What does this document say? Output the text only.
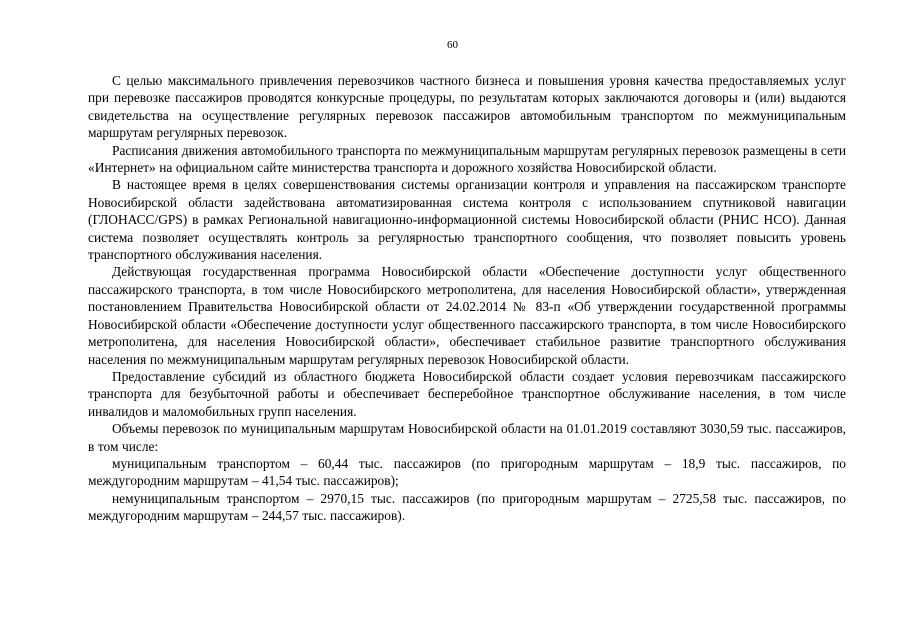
60

С целью максимального привлечения перевозчиков частного бизнеса и повышения уровня качества предоставляемых услуг при перевозке пассажиров проводятся конкурсные процедуры, по результатам которых заключаются договоры и (или) выдаются свидетельства на осуществление регулярных перевозок пассажиров автомобильным транспортом по межмуниципальным маршрутам регулярных перевозок.

Расписания движения автомобильного транспорта по межмуниципальным маршрутам регулярных перевозок размещены в сети «Интернет» на официальном сайте министерства транспорта и дорожного хозяйства Новосибирской области.

В настоящее время в целях совершенствования системы организации контроля и управления на пассажирском транспорте Новосибирской области задействована автоматизированная система контроля с использованием спутниковой навигации (ГЛОНАСС/GPS) в рамках Региональной навигационно-информационной системы Новосибирской области (РНИС НСО). Данная система позволяет осуществлять контроль за регулярностью транспортного сообщения, что позволяет повысить уровень транспортного обслуживания населения.

Действующая государственная программа Новосибирской области «Обеспечение доступности услуг общественного пассажирского транспорта, в том числе Новосибирского метрополитена, для населения Новосибирской области», утвержденная постановлением Правительства Новосибирской области от 24.02.2014 № 83-п «Об утверждении государственной программы Новосибирской области «Обеспечение доступности услуг общественного пассажирского транспорта, в том числе Новосибирского метрополитена, для населения Новосибирской области», обеспечивает стабильное развитие транспортного обслуживания населения по межмуниципальным маршрутам регулярных перевозок Новосибирской области.

Предоставление субсидий из областного бюджета Новосибирской области создает условия перевозчикам пассажирского транспорта для безубыточной работы и обеспечивает бесперебойное транспортное обслуживание населения, в том числе инвалидов и маломобильных групп населения.

Объемы перевозок по муниципальным маршрутам Новосибирской области на 01.01.2019 составляют 3030,59 тыс. пассажиров, в том числе:

муниципальным транспортом – 60,44 тыс. пассажиров (по пригородным маршрутам – 18,9 тыс. пассажиров, по междугородним маршрутам – 41,54 тыс. пассажиров);

немуниципальным транспортом – 2970,15 тыс. пассажиров (по пригородным маршрутам – 2725,58 тыс. пассажиров, по междугородним маршрутам – 244,57 тыс. пассажиров).
